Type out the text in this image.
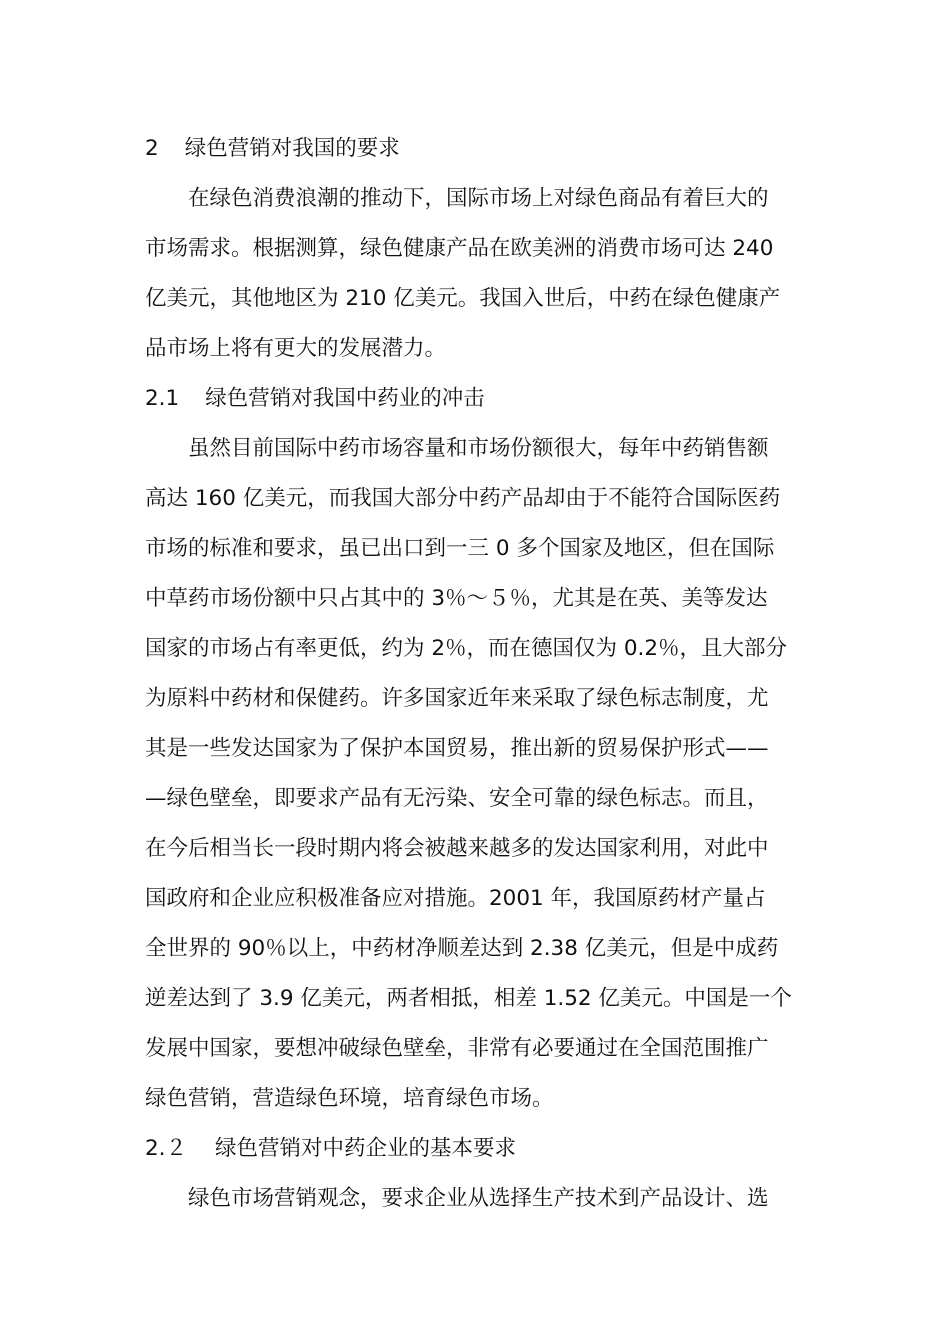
2 绿色营销对我国的要求
在绿色消费浪潮的推动下，国际市场上对绿色商品有着巨大的
市场需求。根据测算，绿色健康产品在欧美洲的消费市场可达 240
亿美元，其他地区为 210 亿美元。我国入世后，中药在绿色健康产
品市场上将有更大的发展潜力。
2.1 绿色营销对我国中药业的冲击
虽然目前国际中药市场容量和市场份额很大，每年中药销售额
高达 160 亿美元，而我国大部分中药产品却由于不能符合国际医药
市场的标准和要求，虽已出口到一三 0 多个国家及地区，但在国际
中草药市场份额中只占其中的 3％～５％，尤其是在英、美等发达
国家的市场占有率更低，约为 2％，而在德国仅为 0.2％，且大部分
为原料中药材和保健药。许多国家近年来采取了绿色标志制度，尤
其是一些发达国家为了保护本国贸易，推出新的贸易保护形式——
—绿色壁垒，即要求产品有无污染、安全可靠的绿色标志。而且，
在今后相当长一段时期内将会被越来越多的发达国家利用，对此中
国政府和企业应积极准备应对措施。2001 年，我国原药材产量占
全世界的 90％以上，中药材净顺差达到 2.38 亿美元，但是中成药
逆差达到了 3.9 亿美元，两者相抵，相差 1.52 亿美元。中国是一个
发展中国家，要想冲破绿色壁垒，非常有必要通过在全国范围推广
绿色营销，营造绿色环境，培育绿色市场。
2.２ 绿色营销对中药企业的基本要求
绿色市场营销观念，要求企业从选择生产技术到产品设计、选
